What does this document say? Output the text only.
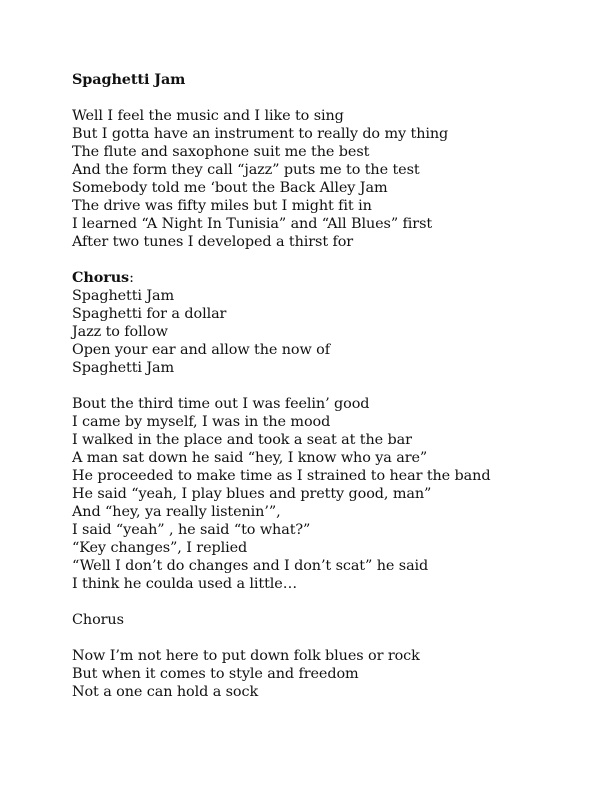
Spaghetti Jam
Well I feel the music and I like to sing
But I gotta have an instrument to really do my thing
The flute and saxophone suit me the best
And the form they call “jazz” puts me to the test
Somebody told me ‘bout the Back Alley Jam
The drive was fifty miles but I might fit in
I learned “A Night In Tunisia” and “All Blues” first
After two tunes I developed a thirst for
Chorus:
Spaghetti Jam
Spaghetti for a dollar
Jazz to follow
Open your ear and allow the now of
Spaghetti Jam
Bout the third time out I was feelin’ good
I came by myself, I was in the mood
I walked in the place and took a seat at the bar
A man sat down he said “hey, I know who ya are”
He proceeded to make time as I strained to hear the band
He said “yeah, I play blues and pretty good, man”
And “hey, ya really listenin’”,
I said “yeah” , he said “to what?”
“Key changes”, I replied
“Well I don’t do changes and I don’t scat” he said
I think he coulda used a little…
Chorus
Now I’m not here to put down folk blues or rock
But when it comes to style and freedom
Not a one can hold a sock
